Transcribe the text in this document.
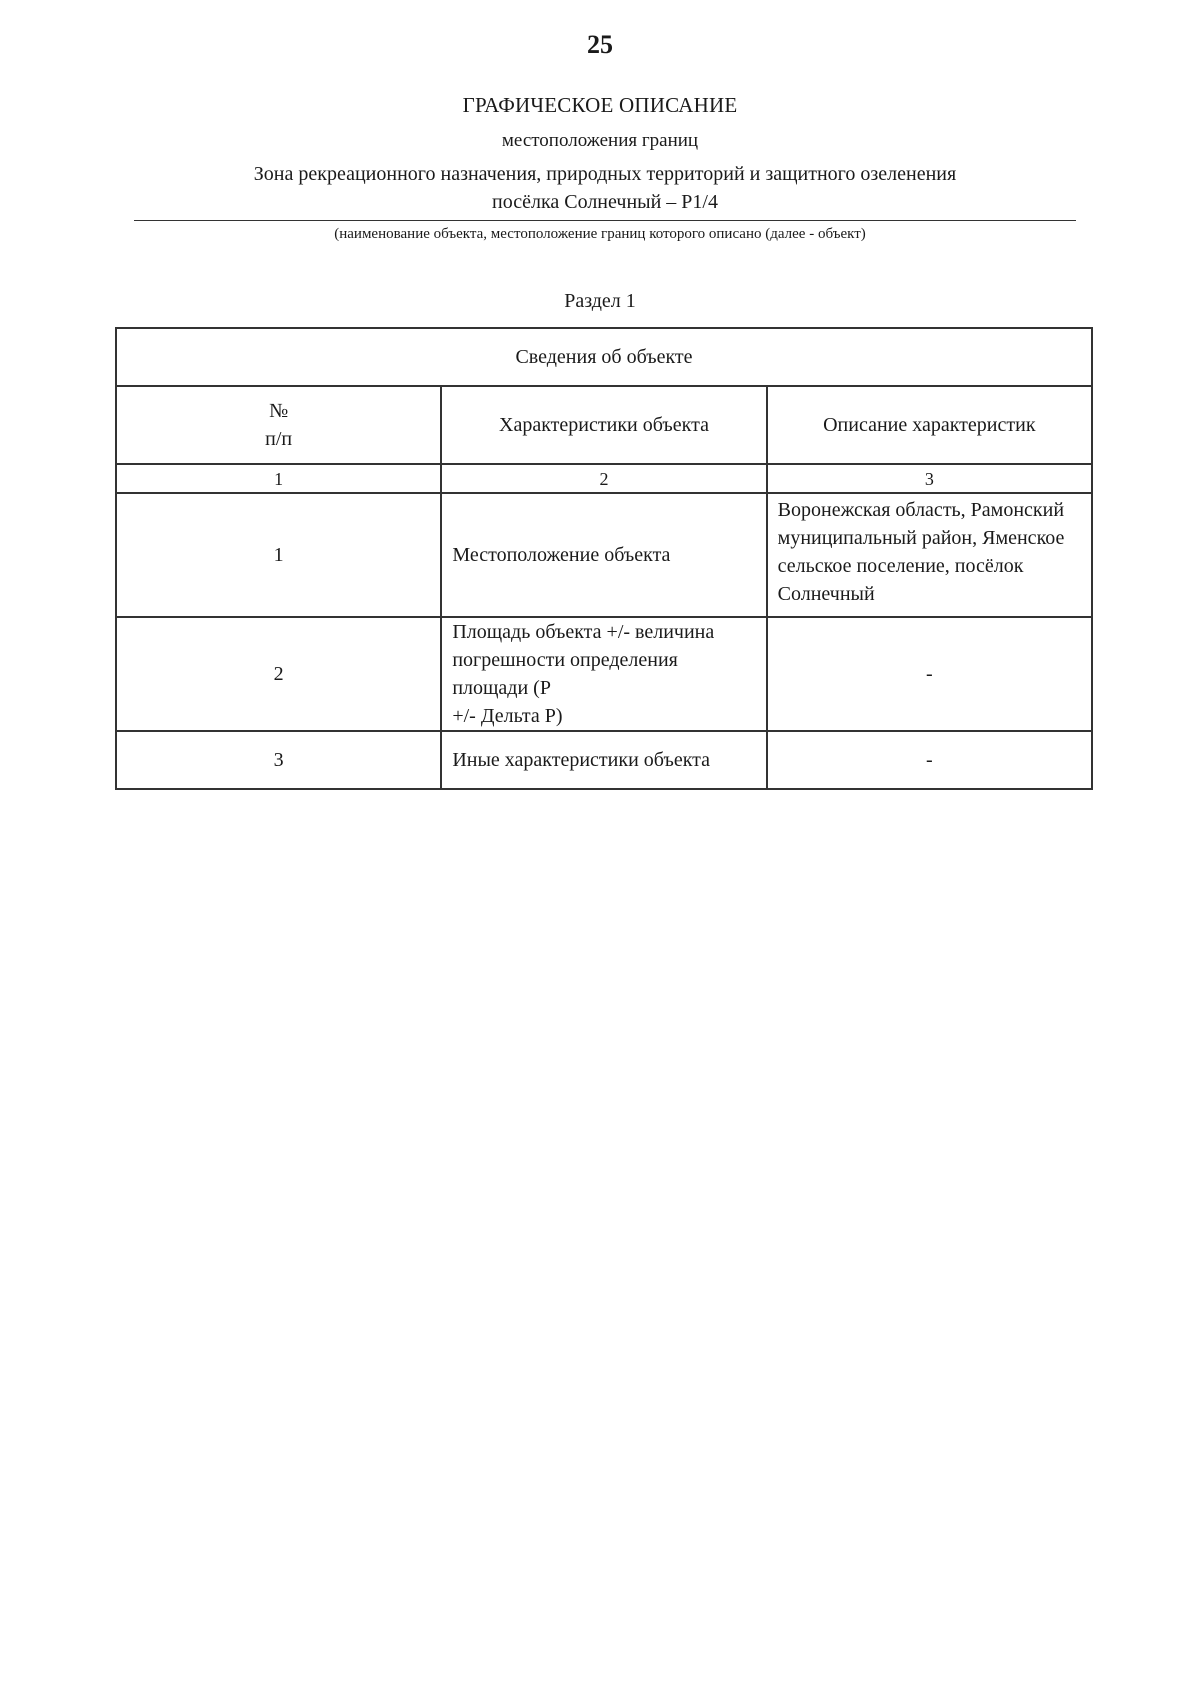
25
ГРАФИЧЕСКОЕ ОПИСАНИЕ
местоположения границ
Зона рекреационного назначения, природных территорий и защитного озеленения
посёлка Солнечный – Р1/4
(наименование объекта, местоположение границ которого описано (далее - объект)
Раздел 1
Сведения об объекте		

№
п/п	Характеристики объекта	Описание характеристик
1	2	3
1	Местоположение объекта	Воронежская область, Рамонский
муниципальный район, Яменское
сельское поселение, посёлок Солнечный

2	Площадь объекта +/- величина
погрешности определения площади (Р
+/- Дельта Р)	-
3	Иные характеристики объекта	-
